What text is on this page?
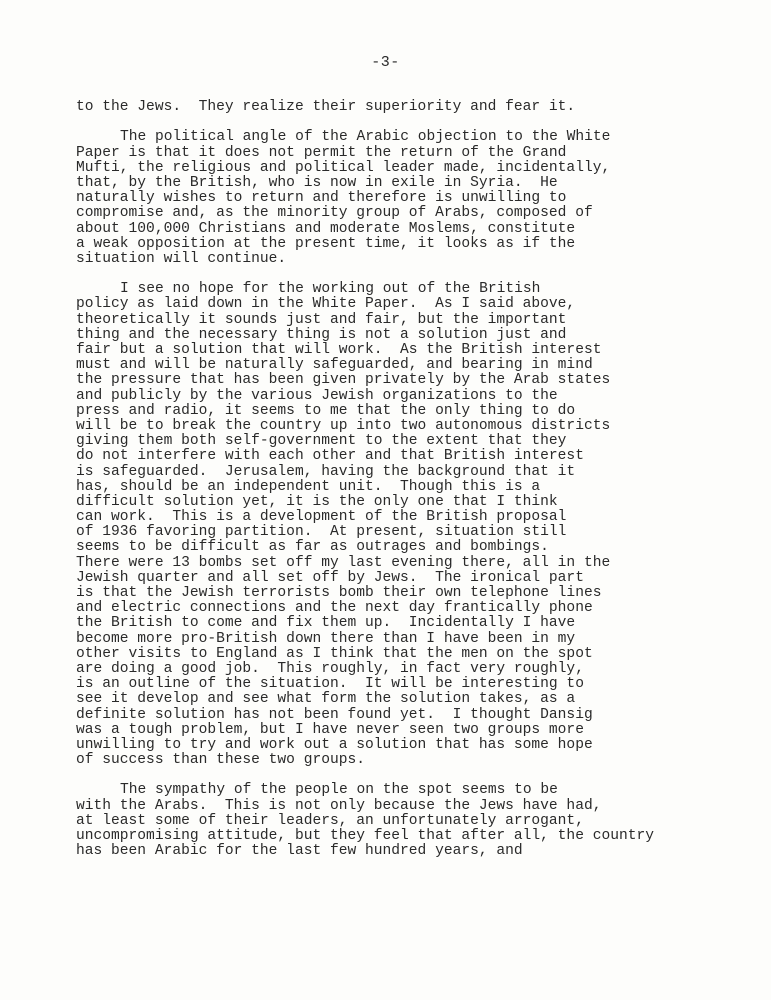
-3-
to the Jews.  They realize their superiority and fear it.
The political angle of the Arabic objection to the White
Paper is that it does not permit the return of the Grand
Mufti, the religious and political leader made, incidentally,
that, by the British, who is now in exile in Syria.  He
naturally wishes to return and therefore is unwilling to
compromise and, as the minority group of Arabs, composed of
about 100,000 Christians and moderate Moslems, constitute
a weak opposition at the present time, it looks as if the
situation will continue.
I see no hope for the working out of the British
policy as laid down in the White Paper.  As I said above,
theoretically it sounds just and fair, but the important
thing and the necessary thing is not a solution just and
fair but a solution that will work.  As the British interest
must and will be naturally safeguarded, and bearing in mind
the pressure that has been given privately by the Arab states
and publicly by the various Jewish organizations to the
press and radio, it seems to me that the only thing to do
will be to break the country up into two autonomous districts
giving them both self-government to the extent that they
do not interfere with each other and that British interest
is safeguarded.  Jerusalem, having the background that it
has, should be an independent unit.  Though this is a
difficult solution yet, it is the only one that I think
can work.  This is a development of the British proposal
of 1936 favoring partition.  At present, situation still
seems to be difficult as far as outrages and bombings.
There were 13 bombs set off my last evening there, all in the
Jewish quarter and all set off by Jews.  The ironical part
is that the Jewish terrorists bomb their own telephone lines
and electric connections and the next day frantically phone
the British to come and fix them up.  Incidentally I have
become more pro-British down there than I have been in my
other visits to England as I think that the men on the spot
are doing a good job.  This roughly, in fact very roughly,
is an outline of the situation.  It will be interesting to
see it develop and see what form the solution takes, as a
definite solution has not been found yet.  I thought Dansig
was a tough problem, but I have never seen two groups more
unwilling to try and work out a solution that has some hope
of success than these two groups.
The sympathy of the people on the spot seems to be
with the Arabs.  This is not only because the Jews have had,
at least some of their leaders, an unfortunately arrogant,
uncompromising attitude, but they feel that after all, the country
has been Arabic for the last few hundred years, and
